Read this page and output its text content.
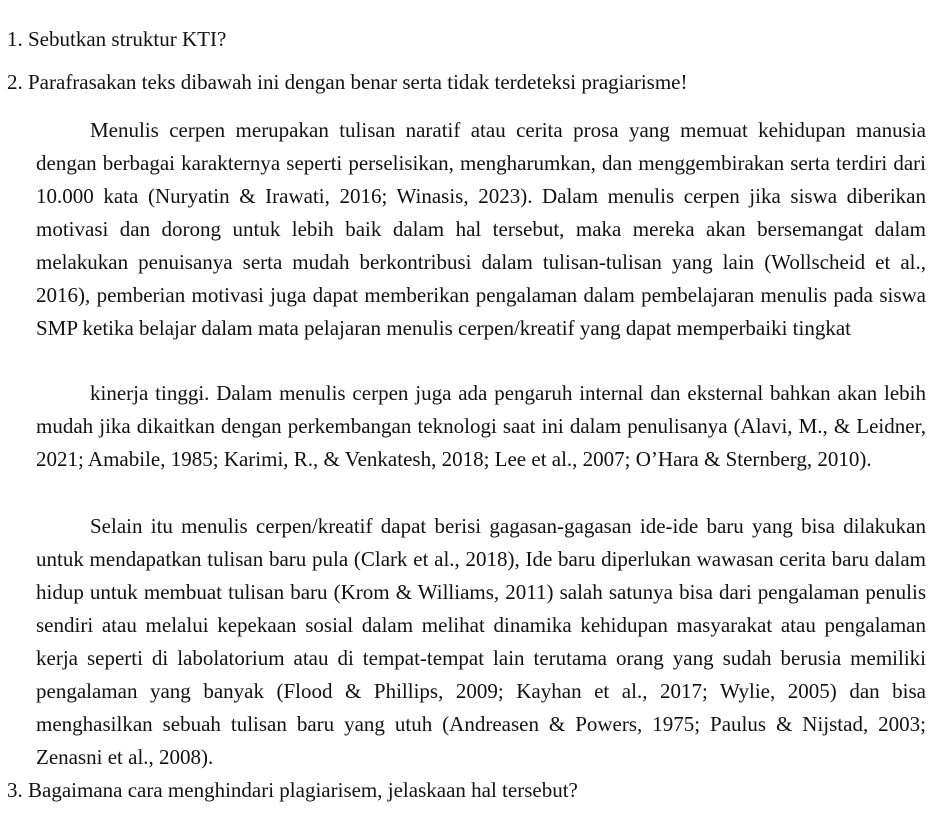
1. Sebutkan struktur KTI?
2. Parafrasakan teks dibawah ini dengan benar serta tidak terdeteksi pragiarisme!

Menulis cerpen merupakan tulisan naratif atau cerita prosa yang memuat kehidupan manusia dengan berbagai karakternya seperti perselisikan, mengharumkan, dan menggembirakan serta terdiri dari 10.000 kata (Nuryatin & Irawati, 2016; Winasis, 2023). Dalam menulis cerpen jika siswa diberikan motivasi dan dorong untuk lebih baik dalam hal tersebut, maka mereka akan bersemangat dalam melakukan penuisanya serta mudah berkontribusi dalam tulisan-tulisan yang lain (Wollscheid et al., 2016), pemberian motivasi juga dapat memberikan pengalaman dalam pembelajaran menulis pada siswa SMP ketika belajar dalam mata pelajaran menulis cerpen/kreatif yang dapat memperbaiki tingkat

kinerja tinggi. Dalam menulis cerpen juga ada pengaruh internal dan eksternal bahkan akan lebih mudah jika dikaitkan dengan perkembangan teknologi saat ini dalam penulisanya (Alavi, M., & Leidner, 2021; Amabile, 1985; Karimi, R., & Venkatesh, 2018; Lee et al., 2007; O’Hara & Sternberg, 2010).

Selain itu menulis cerpen/kreatif dapat berisi gagasan-gagasan ide-ide baru yang bisa dilakukan untuk mendapatkan tulisan baru pula (Clark et al., 2018), Ide baru diperlukan wawasan cerita baru dalam hidup untuk membuat tulisan baru (Krom & Williams, 2011) salah satunya bisa dari pengalaman penulis sendiri atau melalui kepekaan sosial dalam melihat dinamika kehidupan masyarakat atau pengalaman kerja seperti di labolatorium atau di tempat-tempat lain terutama orang yang sudah berusia memiliki pengalaman yang banyak (Flood & Phillips, 2009; Kayhan et al., 2017; Wylie, 2005) dan bisa menghasilkan sebuah tulisan baru yang utuh (Andreasen & Powers, 1975; Paulus & Nijstad, 2003; Zenasni et al., 2008).

3. Bagaimana cara menghindari plagiarisem, jelaskaan hal tersebut?
